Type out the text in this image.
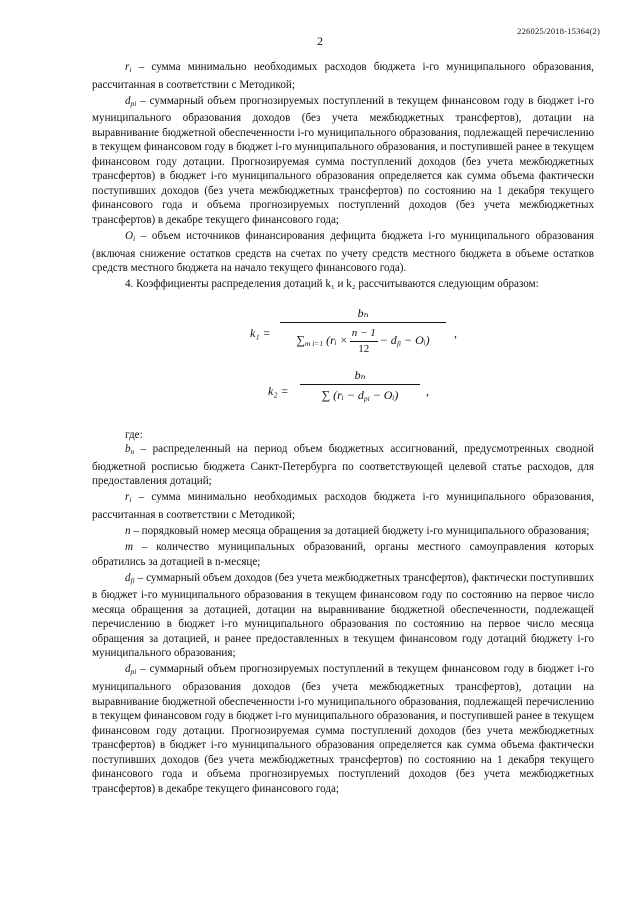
226025/2018-15364(2)
2

$r_i$ – сумма минимально необходимых расходов бюджета i-го муниципального образования, рассчитанная в соответствии с Методикой;

$d_{pi}$ – суммарный объем прогнозируемых поступлений в текущем финансовом году в бюджет i-го муниципального образования доходов (без учета межбюджетных трансфертов), дотации на выравнивание бюджетной обеспеченности i-го муниципального образования, подлежащей перечислению в текущем финансовом году в бюджет i-го муниципального образования, и поступившей ранее в текущем финансовом году дотации. Прогнозируемая сумма поступлений доходов (без учета межбюджетных трансфертов) в бюджет i-го муниципального образования определяется как сумма объема фактически поступивших доходов (без учета межбюджетных трансфертов) по состоянию на 1 декабря текущего финансового года и объема прогнозируемых поступлений доходов (без учета межбюджетных трансфертов) в декабре текущего финансового года;

$O_i$ – объем источников финансирования дефицита бюджета i-го муниципального образования (включая снижение остатков средств на счетах по учету средств местного бюджета в объеме остатков средств местного бюджета на начало текущего финансового года).

4. Коэффициенты распределения дотаций k₁ и k₂ рассчитываются следующим образом:

k₁ =
bₙ
$\sum_{m i=1}$ (rᵢ × $\frac{n - 1}{12} - d_{fi}$ − Oᵢ)
,
k₂ =
bₙ
∑ (rᵢ − $d_{pi}$ − Oᵢ)	,

где:

$b_n$ – распределенный на период объем бюджетных ассигнований, предусмотренных сводной бюджетной росписью бюджета Санкт-Петербурга по соответствующей целевой статье расходов, для предоставления дотаций;

$r_i$ – сумма минимально необходимых расходов бюджета i-го муниципального образования, рассчитанная в соответствии с Методикой;

n – порядковый номер месяца обращения за дотацией бюджету i-го муниципального образования;

m – количество муниципальных образований, органы местного самоуправления которых обратились за дотацией в n-месяце;

$d_{fi}$ – суммарный объем доходов (без учета межбюджетных трансфертов), фактически поступивших в бюджет i-го муниципального образования в текущем финансовом году по состоянию на первое число месяца обращения за дотацией, дотации на выравнивание бюджетной обеспеченности, подлежащей перечислению в бюджет i-го муниципального образования по состоянию на первое число месяца обращения за дотацией, и ранее предоставленных в текущем финансовом году дотаций бюджету i-го муниципального образования;

$d_{pi}$ – суммарный объем прогнозируемых поступлений в текущем финансовом году в бюджет i-го муниципального образования доходов (без учета межбюджетных трансфертов), дотации на выравнивание бюджетной обеспеченности i-го муниципального образования, подлежащей перечислению в текущем финансовом году в бюджет i-го муниципального образования, и поступившей ранее в текущем финансовом году дотации. Прогнозируемая сумма поступлений доходов (без учета межбюджетных трансфертов) в бюджет i-го муниципального образования определяется как сумма объема фактически поступивших доходов (без учета межбюджетных трансфертов) по состоянию на 1 декабря текущего финансового года и объема прогнозируемых поступлений доходов (без учета межбюджетных трансфертов) в декабре текущего финансового года;
